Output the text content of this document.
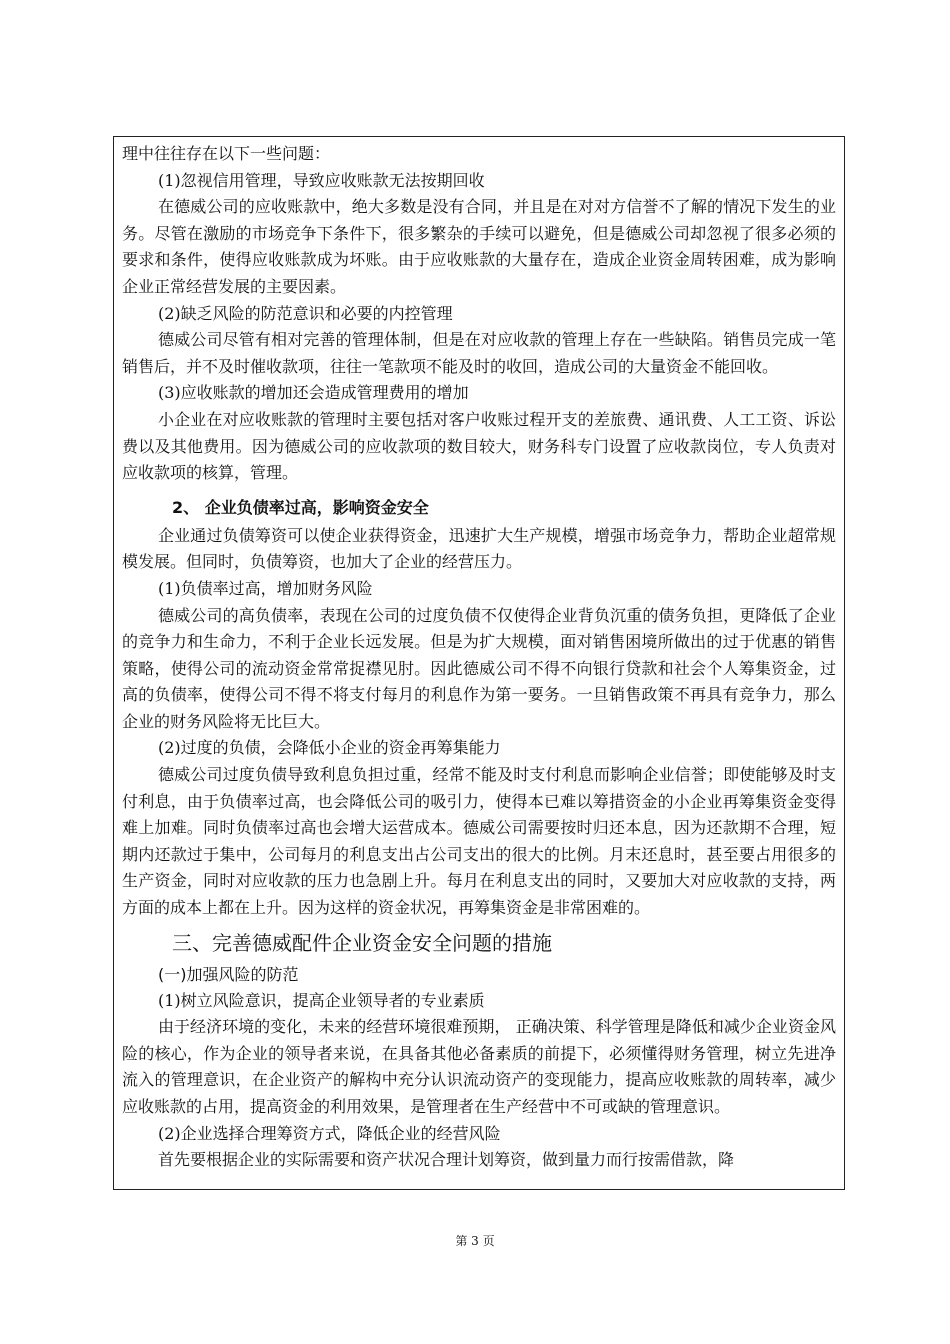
理中往往存在以下一些问题：

(1)忽视信用管理，导致应收账款无法按期回收

在德威公司的应收账款中，绝大多数是没有合同，并且是在对对方信誉不了解的情况下发生的业务。尽管在激励的市场竞争下条件下，很多繁杂的手续可以避免，但是德威公司却忽视了很多必须的要求和条件，使得应收账款成为坏账。由于应收账款的大量存在，造成企业资金周转困难，成为影响企业正常经营发展的主要因素。

(2)缺乏风险的防范意识和必要的内控管理

德威公司尽管有相对完善的管理体制，但是在对应收款的管理上存在一些缺陷。销售员完成一笔销售后，并不及时催收款项，往往一笔款项不能及时的收回，造成公司的大量资金不能回收。

(3)应收账款的增加还会造成管理费用的增加

小企业在对应收账款的管理时主要包括对客户收账过程开支的差旅费、通讯费、人工工资、诉讼费以及其他费用。因为德威公司的应收款项的数目较大，财务科专门设置了应收款岗位，专人负责对应收款项的核算，管理。

2、 企业负债率过高，影响资金安全

企业通过负债筹资可以使企业获得资金，迅速扩大生产规模，增强市场竞争力，帮助企业超常规模发展。但同时，负债筹资，也加大了企业的经营压力。

(1)负债率过高，增加财务风险

德威公司的高负债率，表现在公司的过度负债不仅使得企业背负沉重的债务负担，更降低了企业的竞争力和生命力，不利于企业长远发展。但是为扩大规模，面对销售困境所做出的过于优惠的销售策略，使得公司的流动资金常常捉襟见肘。因此德威公司不得不向银行贷款和社会个人筹集资金，过高的负债率，使得公司不得不将支付每月的利息作为第一要务。一旦销售政策不再具有竞争力，那么企业的财务风险将无比巨大。

(2)过度的负债，会降低小企业的资金再筹集能力

德威公司过度负债导致利息负担过重，经常不能及时支付利息而影响企业信誉；即使能够及时支付利息，由于负债率过高，也会降低公司的吸引力，使得本已难以筹措资金的小企业再筹集资金变得难上加难。同时负债率过高也会增大运营成本。德威公司需要按时归还本息，因为还款期不合理，短期内还款过于集中，公司每月的利息支出占公司支出的很大的比例。月末还息时，甚至要占用很多的生产资金，同时对应收款的压力也急剧上升。每月在利息支出的同时，又要加大对应收款的支持，两方面的成本上都在上升。因为这样的资金状况，再筹集资金是非常困难的。

三、完善德威配件企业资金安全问题的措施
(一)加强风险的防范

(1)树立风险意识，提高企业领导者的专业素质

由于经济环境的变化，未来的经营环境很难预期， 正确决策、科学管理是降低和减少企业资金风险的核心，作为企业的领导者来说，在具备其他必备素质的前提下，必须懂得财务管理，树立先进净流入的管理意识，在企业资产的解构中充分认识流动资产的变现能力，提高应收账款的周转率，减少应收账款的占用，提高资金的利用效果，是管理者在生产经营中不可或缺的管理意识。

(2)企业选择合理筹资方式，降低企业的经营风险

首先要根据企业的实际需要和资产状况合理计划筹资，做到量力而行按需借款，降

第 3 页
